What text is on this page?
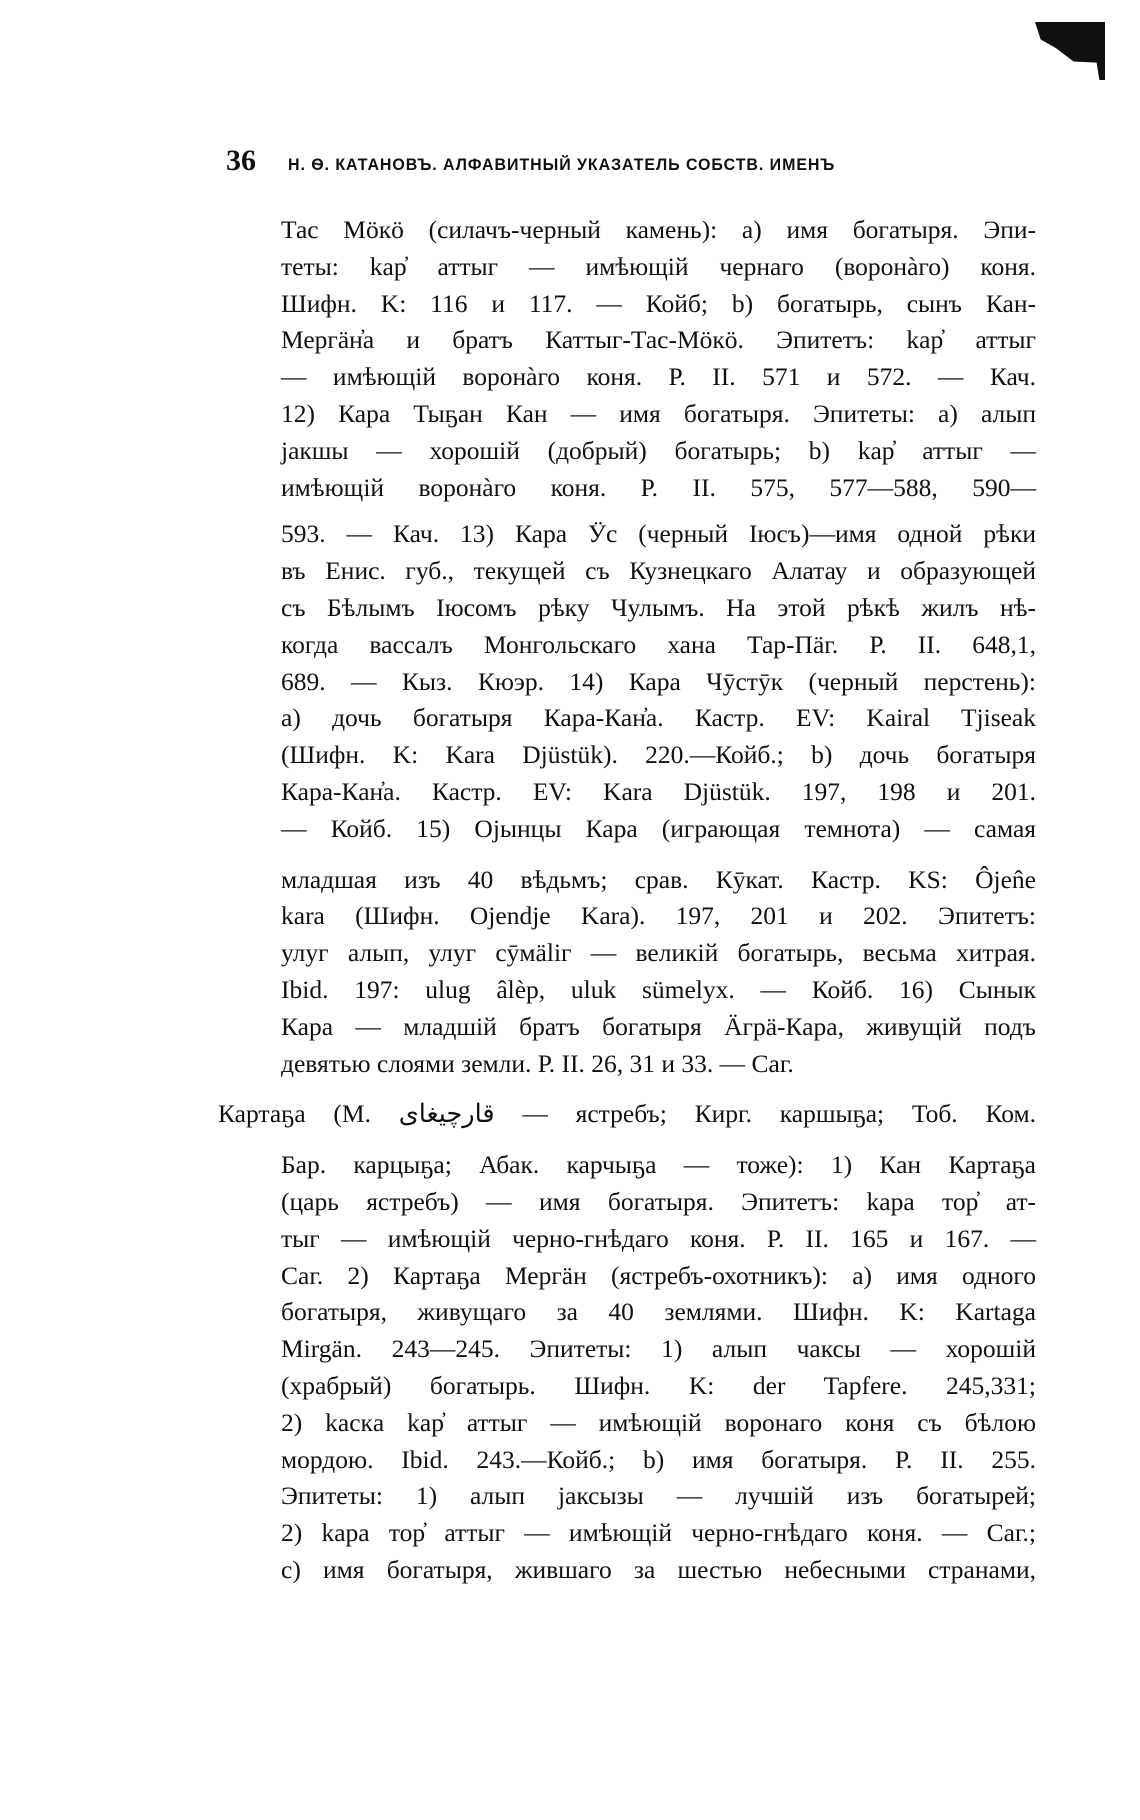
36 Н. Ѳ. КАТАНОВЪ. АЛФАВИТНЫЙ УКАЗАТЕЛЬ СОБСТВ. ИМЕНЪ
Тас Мöкö (силачъ-черный камень): a) имя богатыря. Эпи-
теты: kар̓ аттыг — имѣющій чернаго (воронàго) коня.
Шифн. K: 116 и 117. — Койб; b) богатырь, сынъ Кан-
Мергӓн̓а и братъ Каттыг-Тас-Мöкö. Эпитетъ: kар̓ аттыг
— имѣющій воронàго коня. Р. II. 571 и 572. — Кач.
12) Кара Тыҕан Кан — имя богатыря. Эпитеты: a) алып
јакшы — хорошій (добрый) богатырь; b) kар̓ аттыг —
имѣющій воронàго коня. Р. II. 575, 577—588, 590—
593. — Кач. 13) Кара Ӱс (черный Іюсъ)—имя одной рѣки
въ Енис. губ., текущей съ Кузнецкаго Алатау и образующей
съ Бѣлымъ Іюсомъ рѣку Чулымъ. На этой рѣкѣ жилъ нѣ-
когда вассалъ Монгольскаго хана Тар-Пӓг. Р. II. 648,1,
689. — Кыз. Кюэр. 14) Кара Чӯстӯк (черный перстень):
a) дочь богатыря Кара-Кан̓а. Кастр. EV: Kairal Tjiseak
(Шифн. K: Kara Djüstük). 220.—Койб.; b) дочь богатыря
Кара-Кан̓а. Кастр. EV: Kara Djüstük. 197, 198 и 201.
— Койб. 15) Ојынцы Кара (играющая темнота) — самая
младшая изъ 40 вѣдьмъ; срав. Кӯкат. Кастр. KS: Ôjen̂e
kara (Шифн. Ojendje Kara). 197, 201 и 202. Эпитетъ:
улуг алып, улуг сӯмӓlіг — великій богатырь, весьма хитрая.
Ibid. 197: ulug âlèp, uluk sümelyx. — Койб. 16) Сынык
Кара — младшій братъ богатыря Ӓгрӓ-Кара, живущій подъ
девятью слоями земли. Р. II. 26, 31 и 33. — Саг.
Картаҕа (М. قارچيغاى — ястребъ; Кирг. каршыҕа; Тоб. Ком.
Бар. карцыҕа; Абак. карчыҕа — тоже): 1) Кан Картаҕа
(царь ястребъ) — имя богатыря. Эпитетъ: kара тор̓ ат-
тыг — имѣющій черно-гнѣдаго коня. Р. II. 165 и 167. —
Саг. 2) Картаҕа Мергӓн (ястребъ-охотникъ): a) имя одного
богатыря, живущаго за 40 землями. Шифн. K: Kartaga
Mirgän. 243—245. Эпитеты: 1) алып чаксы — хорошій
(храбрый) богатырь. Шифн. K: der Tapfere. 245,331;
2) kаскa kар̓ аттыг — имѣющій воронаго коня съ бѣлою
мордою. Ibid. 243.—Койб.; b) имя богатыря. Р. II. 255.
Эпитеты: 1) алып јаксызы — лучшій изъ богатырей;
2) kара тор̓ аттыг — имѣющій черно-гнѣдаго коня. — Саг.;
c) имя богатыря, жившаго за шестью небесными странами,
